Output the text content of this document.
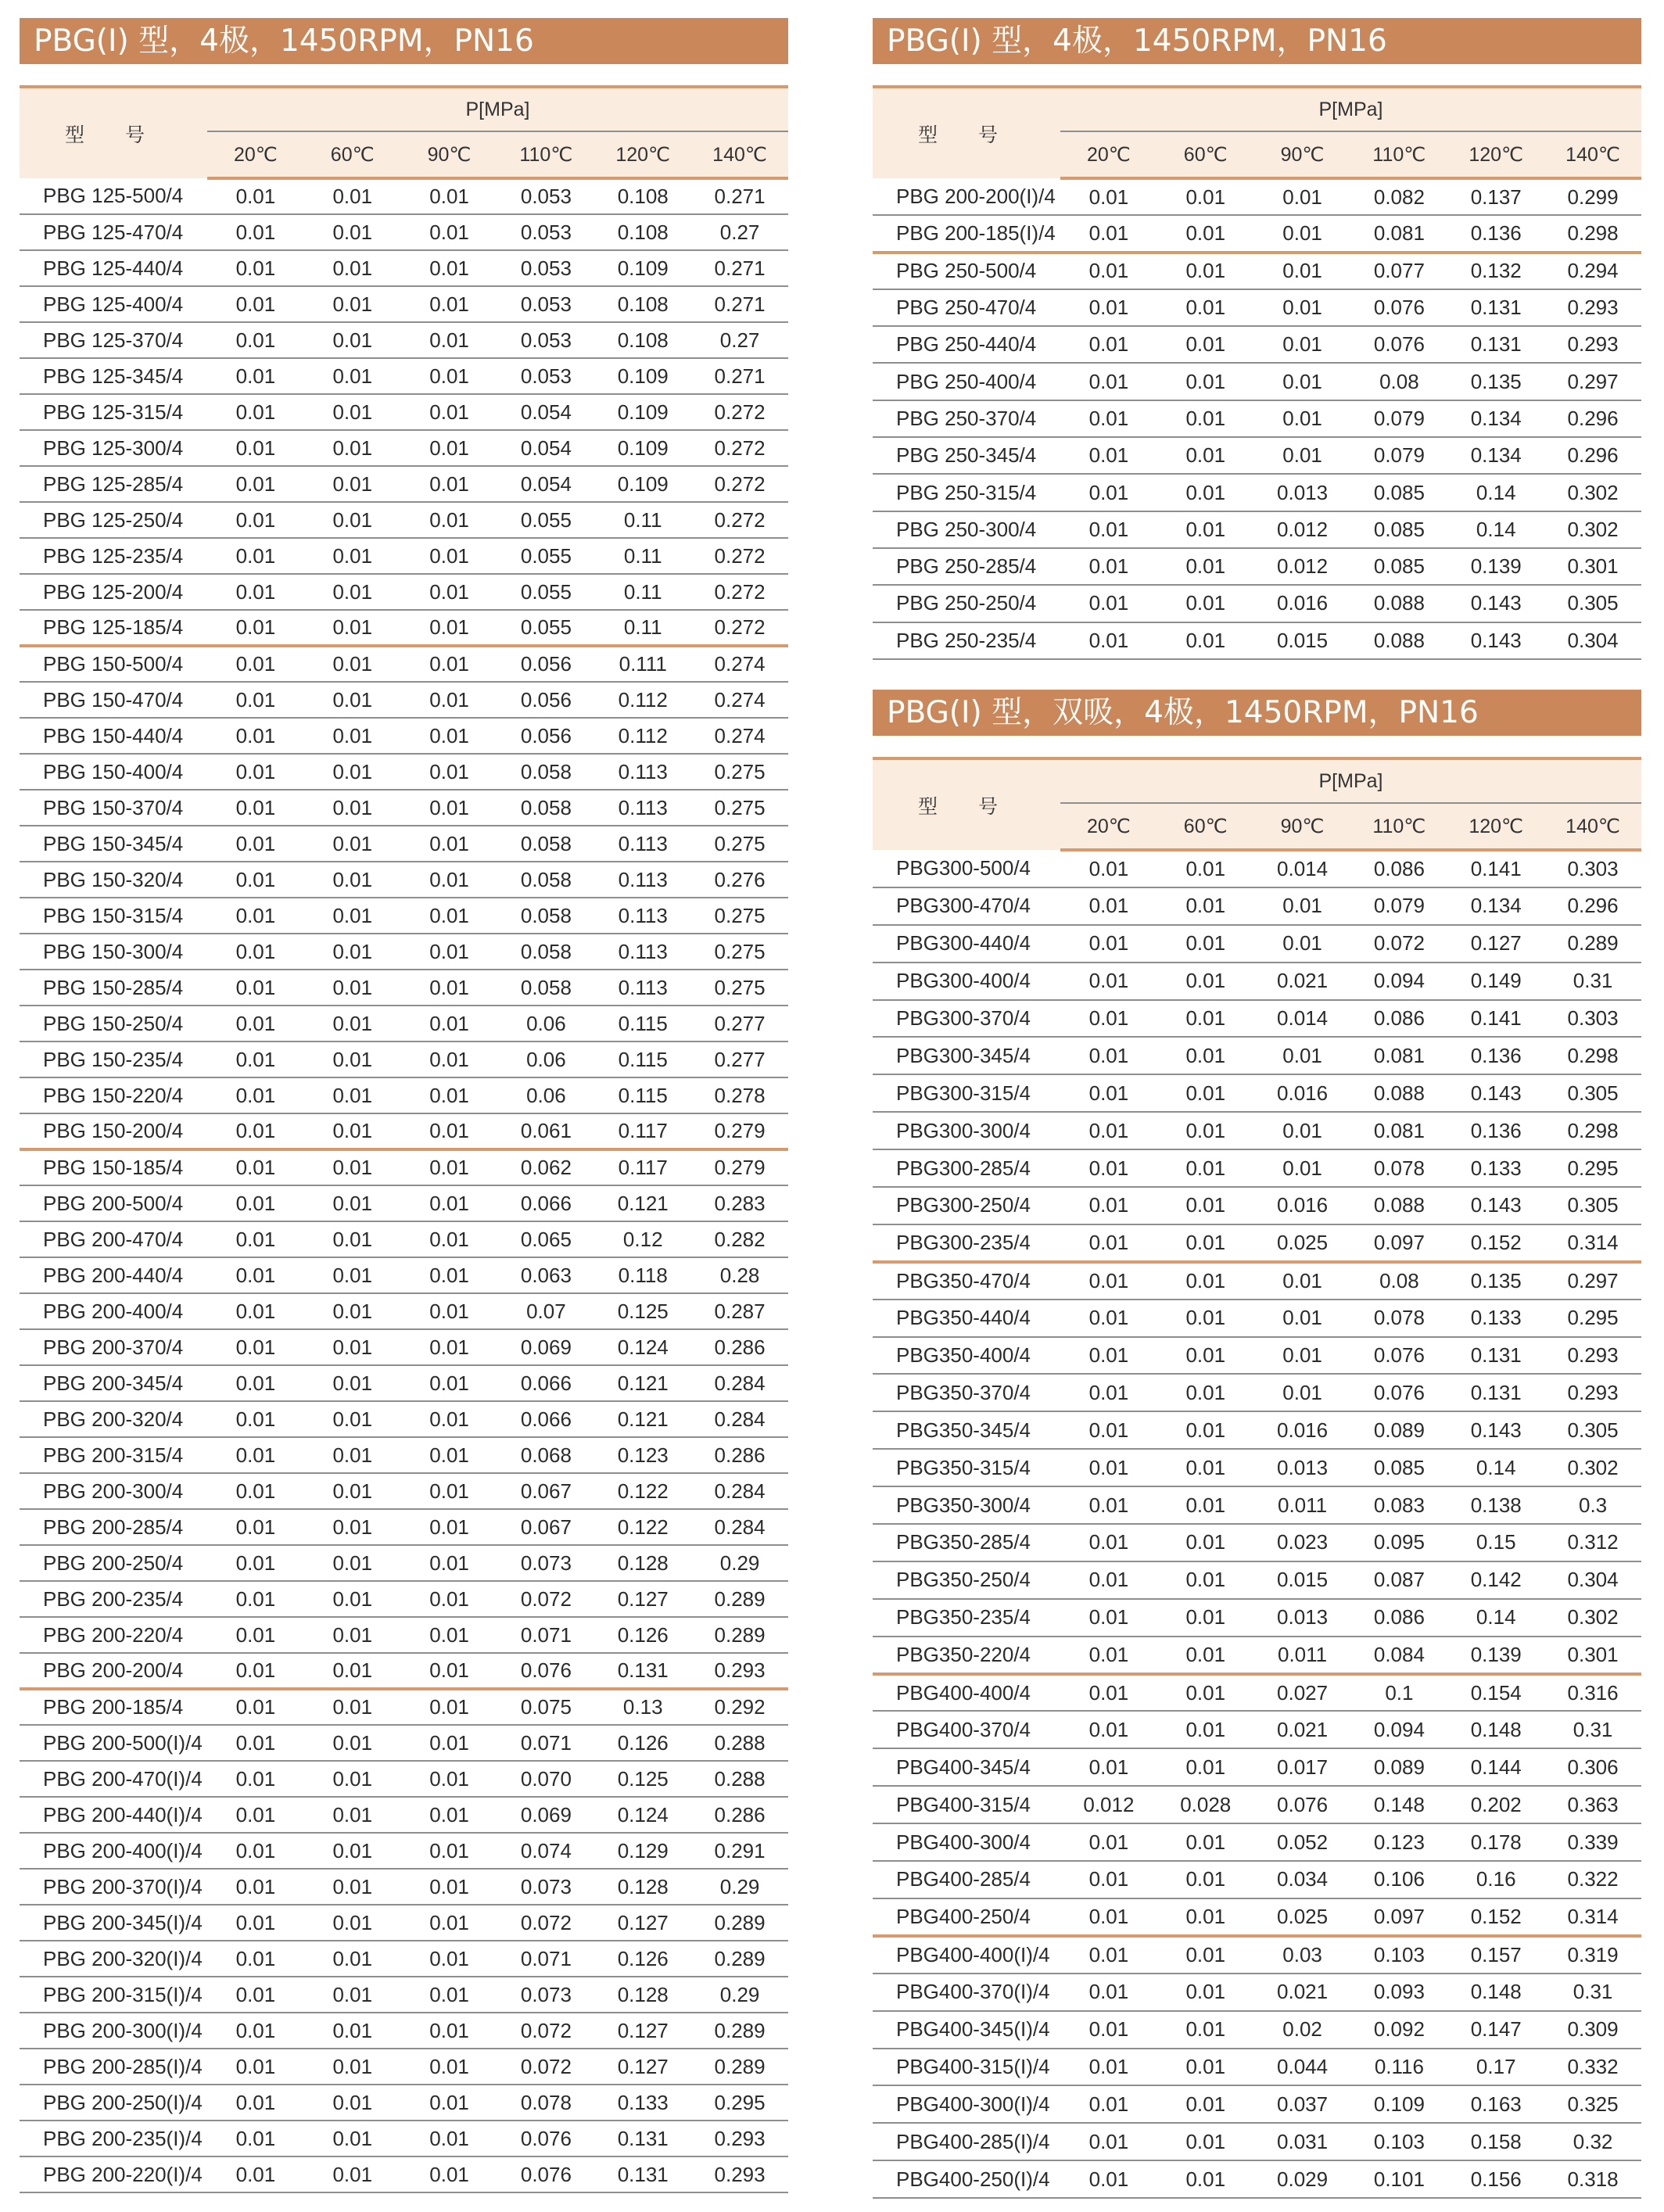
PBG(I) 型，4极，1450RPM，PN16
型 号	P[MPa]					
	20℃	60℃	90℃	110℃	120℃	140℃
PBG 125-500/4	0.01	0.01	0.01	0.053	0.108	0.271
PBG 125-470/4	0.01	0.01	0.01	0.053	0.108	0.27
PBG 125-440/4	0.01	0.01	0.01	0.053	0.109	0.271
PBG 125-400/4	0.01	0.01	0.01	0.053	0.108	0.271
PBG 125-370/4	0.01	0.01	0.01	0.053	0.108	0.27
PBG 125-345/4	0.01	0.01	0.01	0.053	0.109	0.271
PBG 125-315/4	0.01	0.01	0.01	0.054	0.109	0.272
PBG 125-300/4	0.01	0.01	0.01	0.054	0.109	0.272
PBG 125-285/4	0.01	0.01	0.01	0.054	0.109	0.272
PBG 125-250/4	0.01	0.01	0.01	0.055	0.11	0.272
PBG 125-235/4	0.01	0.01	0.01	0.055	0.11	0.272
PBG 125-200/4	0.01	0.01	0.01	0.055	0.11	0.272
PBG 125-185/4	0.01	0.01	0.01	0.055	0.11	0.272
PBG 150-500/4	0.01	0.01	0.01	0.056	0.111	0.274
PBG 150-470/4	0.01	0.01	0.01	0.056	0.112	0.274
PBG 150-440/4	0.01	0.01	0.01	0.056	0.112	0.274
PBG 150-400/4	0.01	0.01	0.01	0.058	0.113	0.275
PBG 150-370/4	0.01	0.01	0.01	0.058	0.113	0.275
PBG 150-345/4	0.01	0.01	0.01	0.058	0.113	0.275
PBG 150-320/4	0.01	0.01	0.01	0.058	0.113	0.276
PBG 150-315/4	0.01	0.01	0.01	0.058	0.113	0.275
PBG 150-300/4	0.01	0.01	0.01	0.058	0.113	0.275
PBG 150-285/4	0.01	0.01	0.01	0.058	0.113	0.275
PBG 150-250/4	0.01	0.01	0.01	0.06	0.115	0.277
PBG 150-235/4	0.01	0.01	0.01	0.06	0.115	0.277
PBG 150-220/4	0.01	0.01	0.01	0.06	0.115	0.278
PBG 150-200/4	0.01	0.01	0.01	0.061	0.117	0.279
PBG 150-185/4	0.01	0.01	0.01	0.062	0.117	0.279
PBG 200-500/4	0.01	0.01	0.01	0.066	0.121	0.283
PBG 200-470/4	0.01	0.01	0.01	0.065	0.12	0.282
PBG 200-440/4	0.01	0.01	0.01	0.063	0.118	0.28
PBG 200-400/4	0.01	0.01	0.01	0.07	0.125	0.287
PBG 200-370/4	0.01	0.01	0.01	0.069	0.124	0.286
PBG 200-345/4	0.01	0.01	0.01	0.066	0.121	0.284
PBG 200-320/4	0.01	0.01	0.01	0.066	0.121	0.284
PBG 200-315/4	0.01	0.01	0.01	0.068	0.123	0.286
PBG 200-300/4	0.01	0.01	0.01	0.067	0.122	0.284
PBG 200-285/4	0.01	0.01	0.01	0.067	0.122	0.284
PBG 200-250/4	0.01	0.01	0.01	0.073	0.128	0.29
PBG 200-235/4	0.01	0.01	0.01	0.072	0.127	0.289
PBG 200-220/4	0.01	0.01	0.01	0.071	0.126	0.289
PBG 200-200/4	0.01	0.01	0.01	0.076	0.131	0.293
PBG 200-185/4	0.01	0.01	0.01	0.075	0.13	0.292
PBG 200-500(I)/4	0.01	0.01	0.01	0.071	0.126	0.288
PBG 200-470(I)/4	0.01	0.01	0.01	0.070	0.125	0.288
PBG 200-440(I)/4	0.01	0.01	0.01	0.069	0.124	0.286
PBG 200-400(I)/4	0.01	0.01	0.01	0.074	0.129	0.291
PBG 200-370(I)/4	0.01	0.01	0.01	0.073	0.128	0.29
PBG 200-345(I)/4	0.01	0.01	0.01	0.072	0.127	0.289
PBG 200-320(I)/4	0.01	0.01	0.01	0.071	0.126	0.289
PBG 200-315(I)/4	0.01	0.01	0.01	0.073	0.128	0.29
PBG 200-300(I)/4	0.01	0.01	0.01	0.072	0.127	0.289
PBG 200-285(I)/4	0.01	0.01	0.01	0.072	0.127	0.289
PBG 200-250(I)/4	0.01	0.01	0.01	0.078	0.133	0.295
PBG 200-235(I)/4	0.01	0.01	0.01	0.076	0.131	0.293
PBG 200-220(I)/4	0.01	0.01	0.01	0.076	0.131	0.293
PBG(I) 型，4极，1450RPM，PN16
型 号	P[MPa]					
	20℃	60℃	90℃	110℃	120℃	140℃
PBG 200-200(I)/4	0.01	0.01	0.01	0.082	0.137	0.299
PBG 200-185(I)/4	0.01	0.01	0.01	0.081	0.136	0.298
PBG 250-500/4	0.01	0.01	0.01	0.077	0.132	0.294
PBG 250-470/4	0.01	0.01	0.01	0.076	0.131	0.293
PBG 250-440/4	0.01	0.01	0.01	0.076	0.131	0.293
PBG 250-400/4	0.01	0.01	0.01	0.08	0.135	0.297
PBG 250-370/4	0.01	0.01	0.01	0.079	0.134	0.296
PBG 250-345/4	0.01	0.01	0.01	0.079	0.134	0.296
PBG 250-315/4	0.01	0.01	0.013	0.085	0.14	0.302
PBG 250-300/4	0.01	0.01	0.012	0.085	0.14	0.302
PBG 250-285/4	0.01	0.01	0.012	0.085	0.139	0.301
PBG 250-250/4	0.01	0.01	0.016	0.088	0.143	0.305
PBG 250-235/4	0.01	0.01	0.015	0.088	0.143	0.304
PBG(I) 型，双吸，4极，1450RPM，PN16
型 号	P[MPa]					
	20℃	60℃	90℃	110℃	120℃	140℃
PBG300-500/4	0.01	0.01	0.014	0.086	0.141	0.303
PBG300-470/4	0.01	0.01	0.01	0.079	0.134	0.296
PBG300-440/4	0.01	0.01	0.01	0.072	0.127	0.289
PBG300-400/4	0.01	0.01	0.021	0.094	0.149	0.31
PBG300-370/4	0.01	0.01	0.014	0.086	0.141	0.303
PBG300-345/4	0.01	0.01	0.01	0.081	0.136	0.298
PBG300-315/4	0.01	0.01	0.016	0.088	0.143	0.305
PBG300-300/4	0.01	0.01	0.01	0.081	0.136	0.298
PBG300-285/4	0.01	0.01	0.01	0.078	0.133	0.295
PBG300-250/4	0.01	0.01	0.016	0.088	0.143	0.305
PBG300-235/4	0.01	0.01	0.025	0.097	0.152	0.314
PBG350-470/4	0.01	0.01	0.01	0.08	0.135	0.297
PBG350-440/4	0.01	0.01	0.01	0.078	0.133	0.295
PBG350-400/4	0.01	0.01	0.01	0.076	0.131	0.293
PBG350-370/4	0.01	0.01	0.01	0.076	0.131	0.293
PBG350-345/4	0.01	0.01	0.016	0.089	0.143	0.305
PBG350-315/4	0.01	0.01	0.013	0.085	0.14	0.302
PBG350-300/4	0.01	0.01	0.011	0.083	0.138	0.3
PBG350-285/4	0.01	0.01	0.023	0.095	0.15	0.312
PBG350-250/4	0.01	0.01	0.015	0.087	0.142	0.304
PBG350-235/4	0.01	0.01	0.013	0.086	0.14	0.302
PBG350-220/4	0.01	0.01	0.011	0.084	0.139	0.301
PBG400-400/4	0.01	0.01	0.027	0.1	0.154	0.316
PBG400-370/4	0.01	0.01	0.021	0.094	0.148	0.31
PBG400-345/4	0.01	0.01	0.017	0.089	0.144	0.306
PBG400-315/4	0.012	0.028	0.076	0.148	0.202	0.363
PBG400-300/4	0.01	0.01	0.052	0.123	0.178	0.339
PBG400-285/4	0.01	0.01	0.034	0.106	0.16	0.322
PBG400-250/4	0.01	0.01	0.025	0.097	0.152	0.314
PBG400-400(I)/4	0.01	0.01	0.03	0.103	0.157	0.319
PBG400-370(I)/4	0.01	0.01	0.021	0.093	0.148	0.31
PBG400-345(I)/4	0.01	0.01	0.02	0.092	0.147	0.309
PBG400-315(I)/4	0.01	0.01	0.044	0.116	0.17	0.332
PBG400-300(I)/4	0.01	0.01	0.037	0.109	0.163	0.325
PBG400-285(I)/4	0.01	0.01	0.031	0.103	0.158	0.32
PBG400-250(I)/4	0.01	0.01	0.029	0.101	0.156	0.318
